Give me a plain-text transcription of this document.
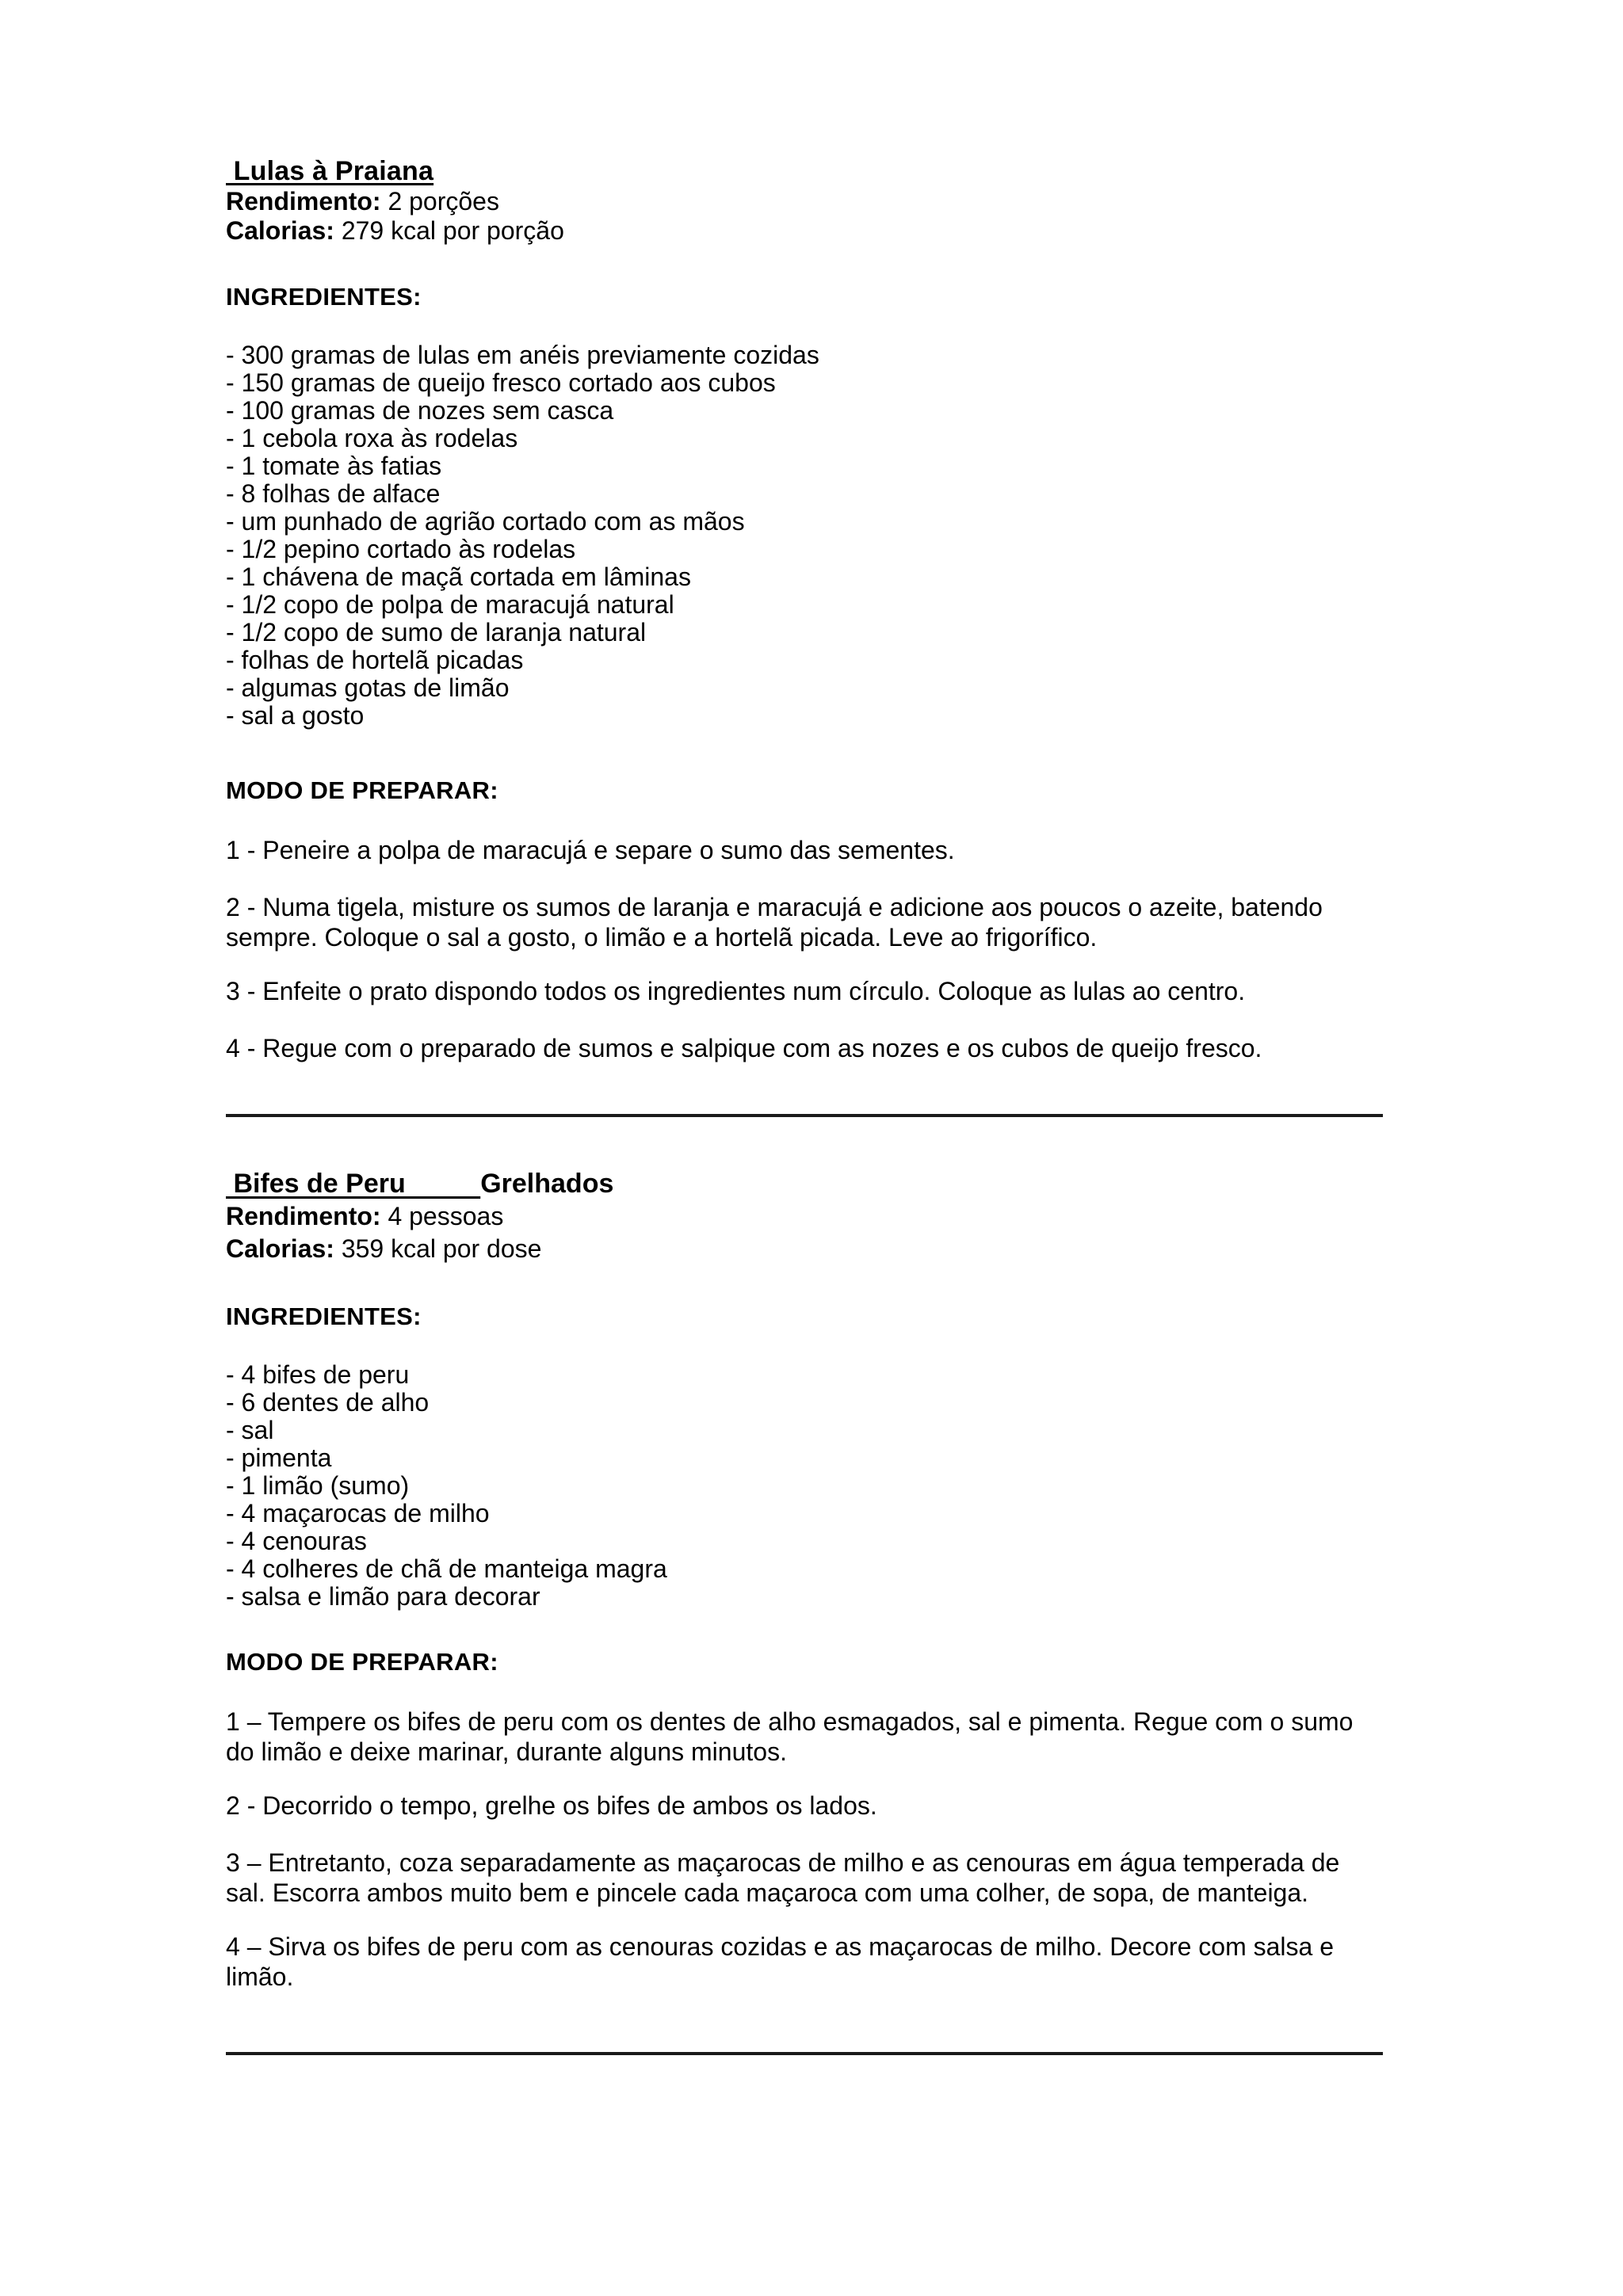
Lulas à Praiana

Rendimento: 2 porções

Calorias: 279 kcal por porção

INGREDIENTES:

- 300 gramas de lulas em anéis previamente cozidas
- 150 gramas de queijo fresco cortado aos cubos
- 100 gramas de nozes sem casca
- 1 cebola roxa às rodelas
- 1 tomate às fatias
- 8 folhas de alface
- um punhado de agrião cortado com as mãos
- 1/2 pepino cortado às rodelas
- 1 chávena de maçã cortada em lâminas
- 1/2 copo de polpa de maracujá natural
- 1/2 copo de sumo de laranja natural
- folhas de hortelã picadas
- algumas gotas de limão
- sal a gosto

MODO DE PREPARAR:

1 - Peneire a polpa de maracujá e separe o sumo das sementes.

2 - Numa tigela, misture os sumos de laranja e maracujá e adicione aos poucos o azeite, batendo sempre. Coloque o sal a gosto, o limão e a hortelã picada. Leve ao frigorífico.

3 - Enfeite o prato dispondo todos os ingredientes num círculo. Coloque as lulas ao centro.

4 - Regue com o preparado de sumos e salpique com as nozes e os cubos de queijo fresco.

Bifes de Peru          Grelhados Rendimento: 4 pessoas Calorias: 359 kcal por dose

INGREDIENTES:

- 4 bifes de peru
- 6 dentes de alho
- sal
- pimenta
- 1 limão (sumo)
- 4 maçarocas de milho
- 4 cenouras
- 4 colheres de chã de manteiga magra
- salsa e limão para decorar

MODO DE PREPARAR:

1 – Tempere os bifes de peru com os dentes de alho esmagados, sal e pimenta. Regue com o sumo do limão e deixe marinar, durante alguns minutos.

2 - Decorrido o tempo, grelhe os bifes de ambos os lados.

3 – Entretanto, coza separadamente as maçarocas de milho e as cenouras em água temperada de sal. Escorra ambos muito bem e pincele cada maçaroca com uma colher, de sopa, de manteiga.

4 – Sirva os bifes de peru com as cenouras cozidas e as maçarocas de milho. Decore com salsa e limão.
